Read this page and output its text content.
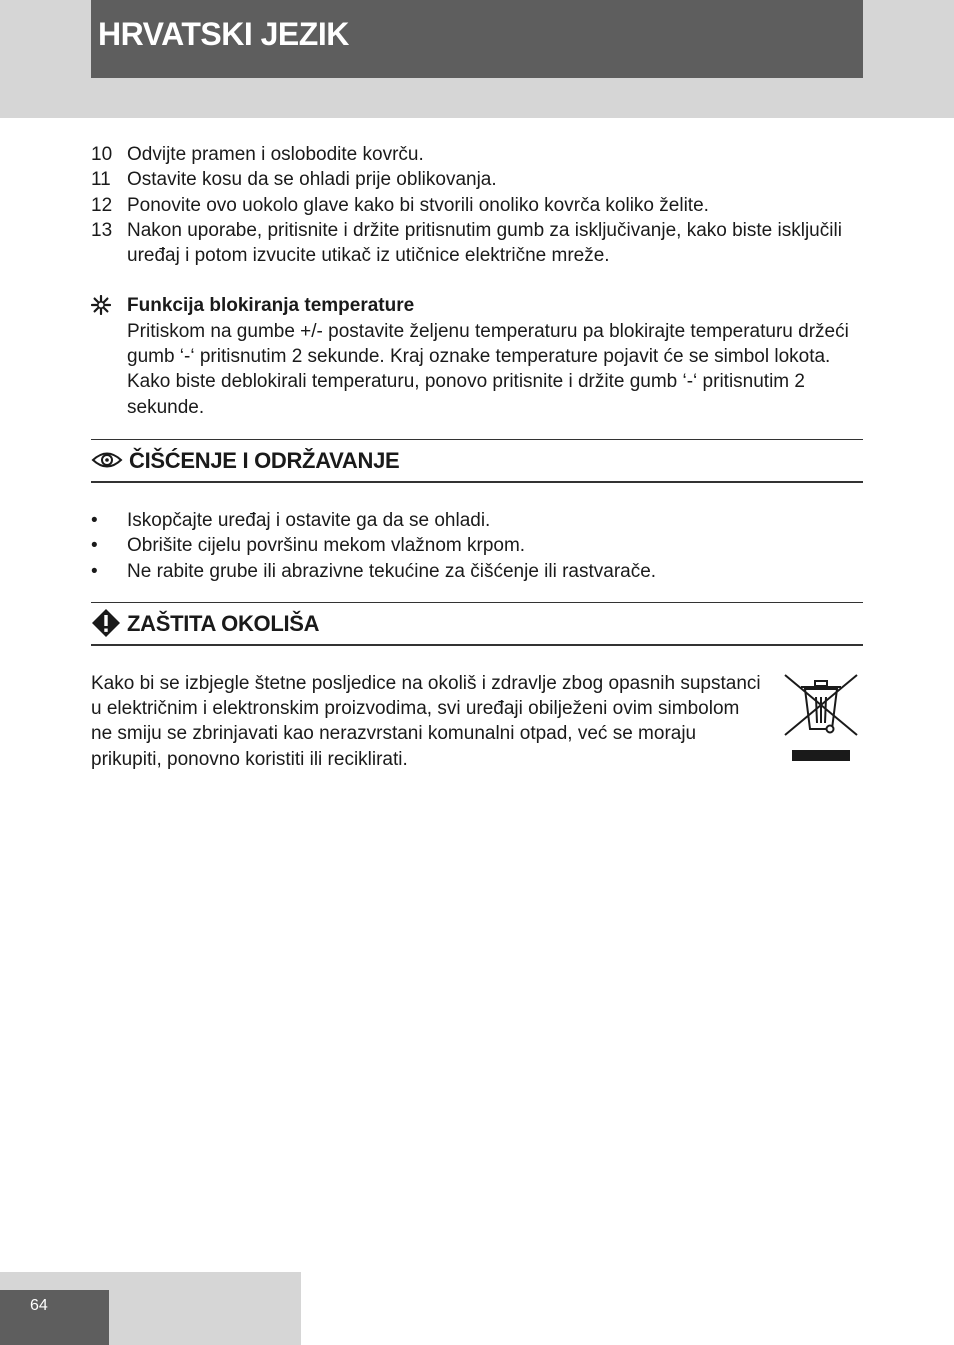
HRVATSKI JEZIK
10 Odvijte pramen i oslobodite kovrču.
11 Ostavite kosu da se ohladi prije oblikovanja.
12 Ponovite ovo uokolo glave kako bi stvorili onoliko kovrča koliko želite.
13 Nakon uporabe, pritisnite i držite pritisnutim gumb za isključivanje, kako biste isključili uređaj i potom izvucite utikač iz utičnice električne mreže.
Funkcija blokiranja temperature
Pritiskom na gumbe +/- postavite željenu temperaturu pa blokirajte temperaturu držeći gumb ‘-‘ pritisnutim 2 sekunde. Kraj oznake temperature pojavit će se simbol lokota. Kako biste deblokirali temperaturu, ponovo pritisnite i držite gumb ‘-‘ pritisnutim 2 sekunde.
ČIŠĆENJE I ODRŽAVANJE
•	Iskopčajte uređaj i ostavite ga da se ohladi.
•	Obrišite cijelu površinu mekom vlažnom krpom.
•	Ne rabite grube ili abrazivne tekućine za čišćenje ili rastvarače.
ZAŠTITA OKOLIŠA
Kako bi se izbjegle štetne posljedice na okoliš i zdravlje zbog opasnih supstanci u električnim i elektronskim proizvodima, svi uređaji obilježeni ovim simbolom ne smiju se zbrinjavati kao nerazvrstani komunalni otpad, već se moraju prikupiti, ponovno koristiti ili reciklirati.
64
